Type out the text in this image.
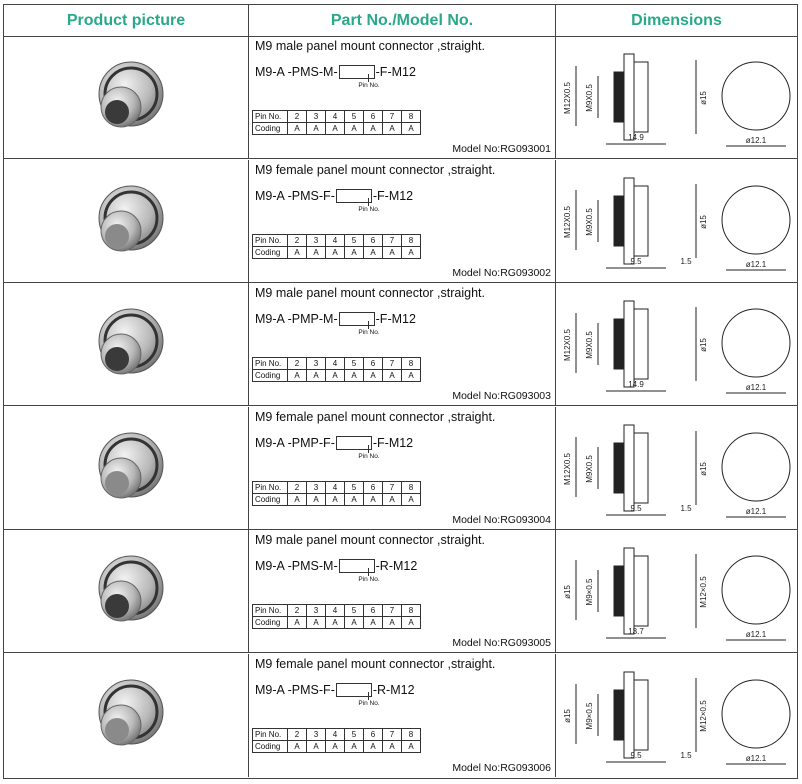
Product picture	Part No./Model No.	Dimensions
M9 male panel mount connector ,straight.
M9-A -PMS-M-	-F-M12
Pin No.
Pin No.	2	3	4	5	6	7	8
Coding	A	A	A	A	A	A	A
Model No:RG093001
M12X0.5 M9X0.5	ø15
14.9	ø12.1
M9 female panel mount connector ,straight.
M9-A -PMS-F-	-F-M12
Pin No.
Pin No.	2	3	4	5	6	7	8
Coding	A	A	A	A	A	A	A
Model No:RG093002
M12X0.5 M9X0.5	ø15
9.5	1.5	ø12.1
M9 male panel mount connector ,straight.
M9-A -PMP-M-	-F-M12
Pin No.
Pin No.	2	3	4	5	6	7	8
Coding	A	A	A	A	A	A	A
Model No:RG093003
M12X0.5 M9X0.5	ø15
14.9	ø12.1
M9 female panel mount connector ,straight.
M9-A -PMP-F-	-F-M12
Pin No.
Pin No.	2	3	4	5	6	7	8
Coding	A	A	A	A	A	A	A
Model No:RG093004
M12X0.5 M9X0.5	ø15
9.5	1.5	ø12.1
M9 male panel mount connector ,straight.
M9-A -PMS-M-	-R-M12
Pin No.
Pin No.	2	3	4	5	6	7	8
Coding	A	A	A	A	A	A	A
Model No:RG093005
ø15 M9×0.5	M12×0.5
13.7	ø12.1
M9 female panel mount connector ,straight.
M9-A -PMS-F-	-R-M12
Pin No.
Pin No.	2	3	4	5	6	7	8
Coding	A	A	A	A	A	A	A
Model No:RG093006
ø15 M9×0.5	M12×0.5
9.5	1.5	ø12.1
